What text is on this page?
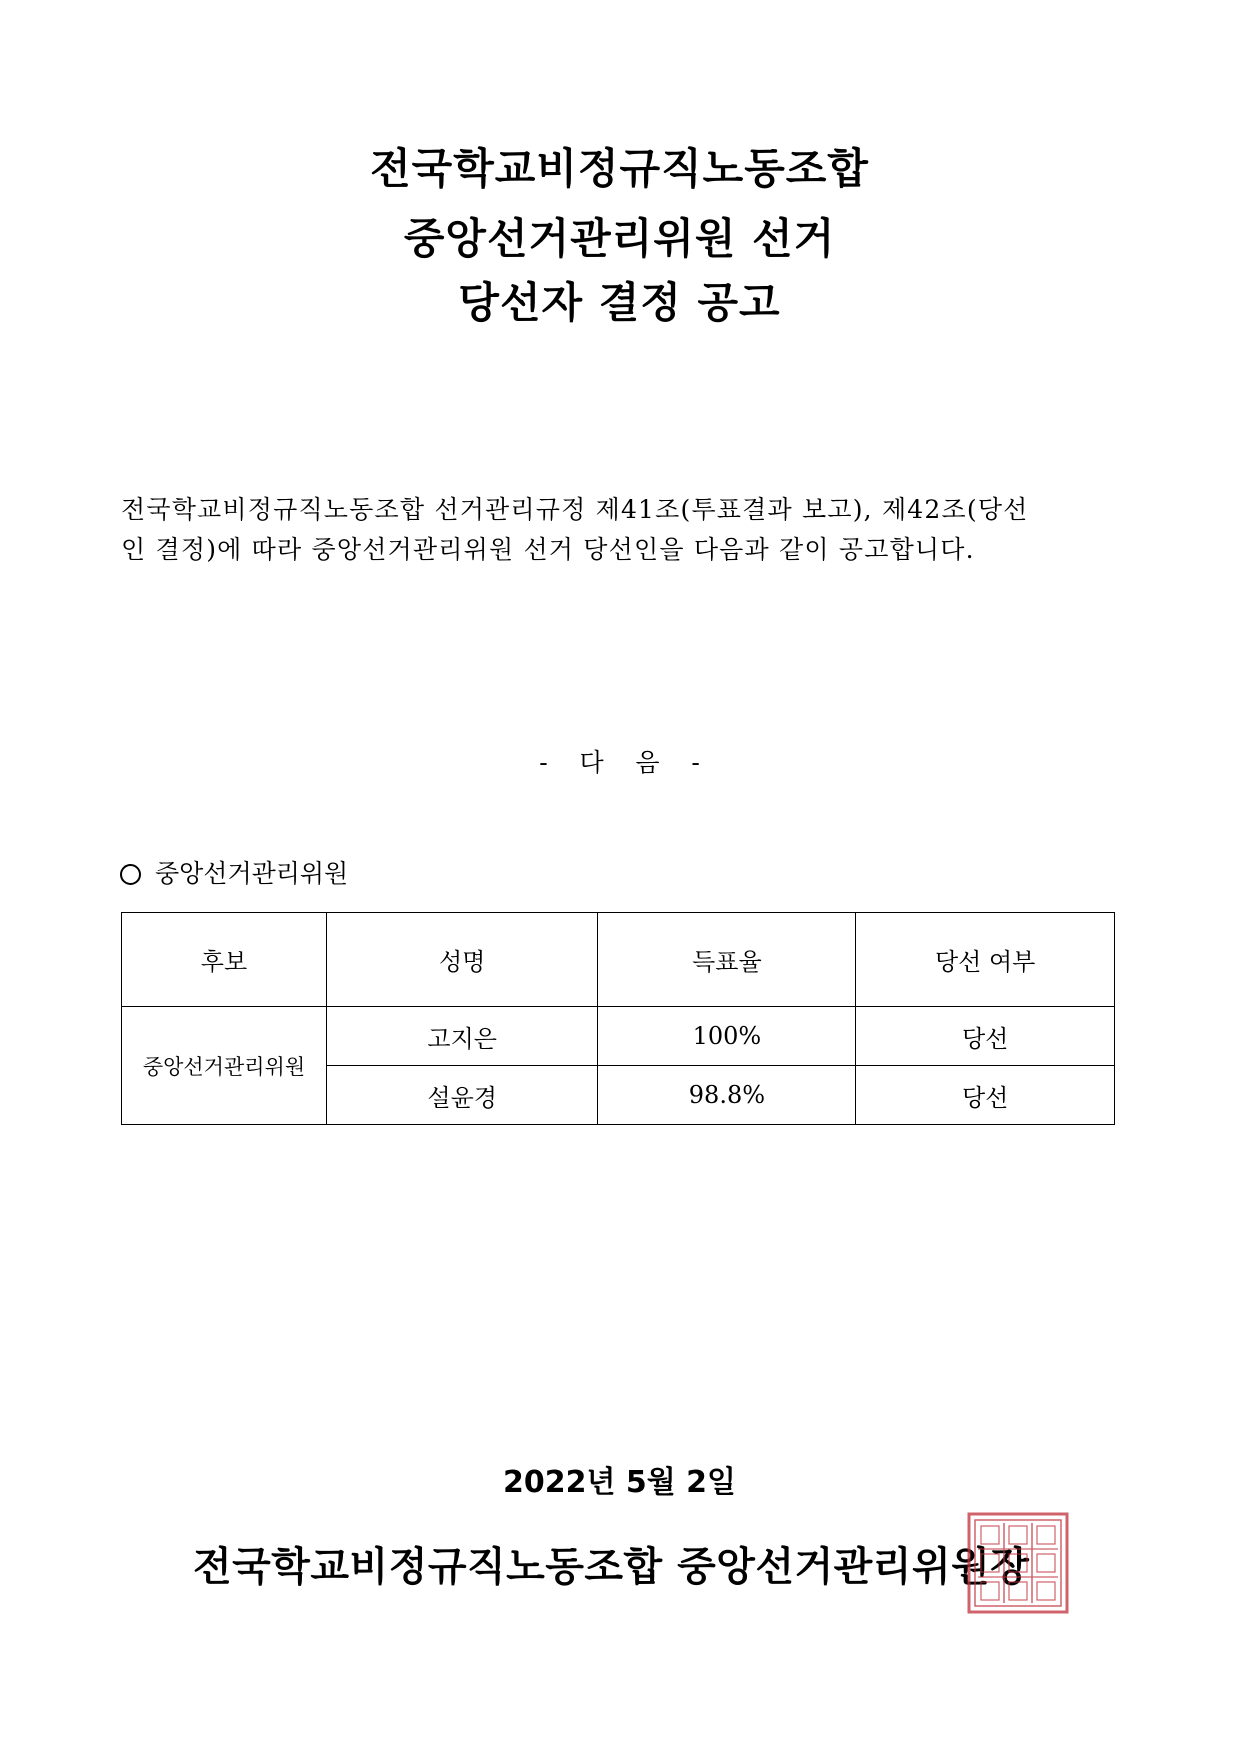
전국학교비정규직노동조합
중앙선거관리위원 선거
당선자 결정 공고
전국학교비정규직노동조합 선거관리규정 제41조(투표결과 보고), 제42조(당선
인 결정)에 따라 중앙선거관리위원 선거 당선인을 다음과 같이 공고합니다.
-    다    음    -
중앙선거관리위원
후보	성명	득표율	당선 여부
중앙선거관리위원	고지은	100%	당선
	설윤경	98.8%	당선
2022년 5월 2일
전국학교비정규직노동조합 중앙선거관리위원장
